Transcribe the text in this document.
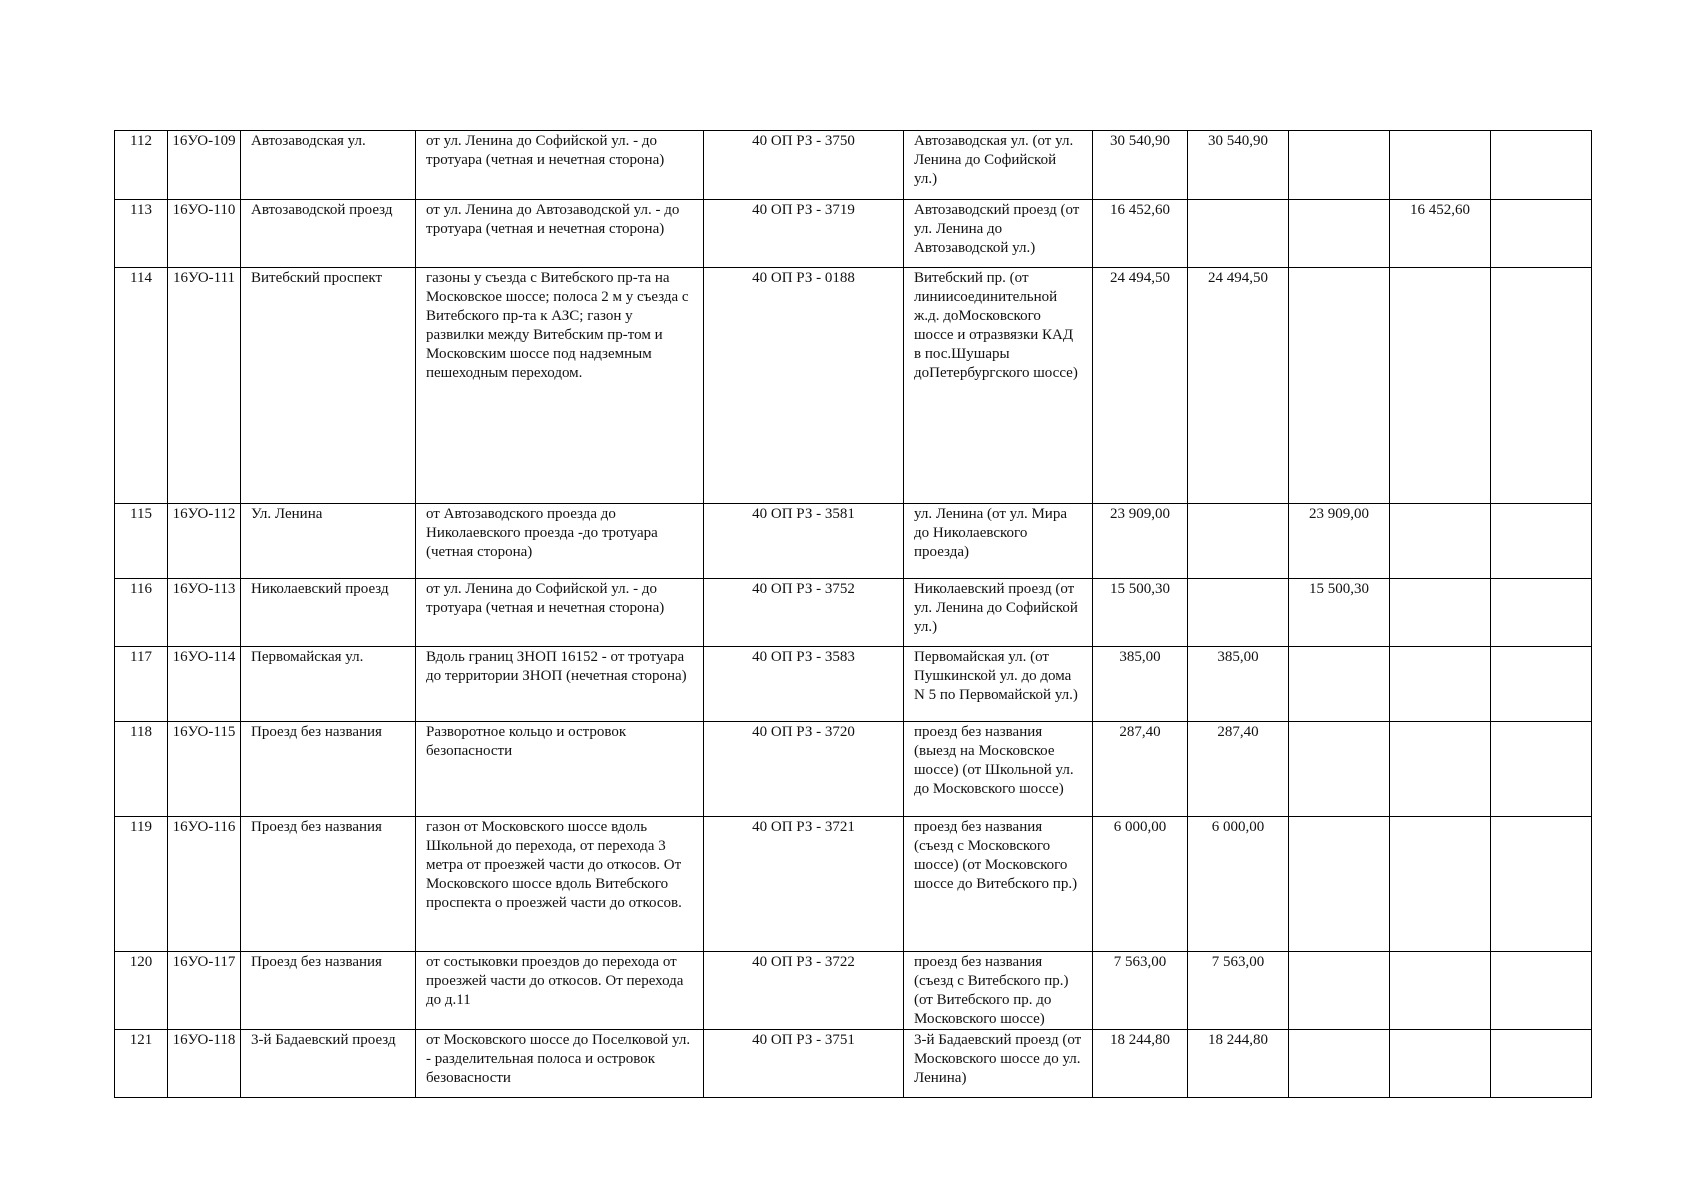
112	16УО-109	Автозаводская ул.	от ул. Ленина до Софийской ул. - до тротуара (четная и нечетная сторона)	40 ОП РЗ - 3750	Автозаводская ул. (от ул. Ленина до Софийской ул.)	30 540,90	30 540,90			
113	16УО-110	Автозаводской проезд	от ул. Ленина до Автозаводской ул. - до тротуара (четная и нечетная сторона)	40 ОП РЗ - 3719	Автозаводский проезд (от ул. Ленина до Автозаводской ул.)	16 452,60			16 452,60	
114	16УО-111	Витебский проспект	газоны у съезда с Витебского пр-та на Московское шоссе; полоса 2 м у съезда с Витебского пр-та к АЗС; газон у развилки между Витебским пр-том и Московским шоссе под надземным пешеходным переходом.	40 ОП РЗ - 0188	Витебский пр. (от линиисоединительной ж.д. доМосковского шоссе и отразвязки КАД в пос.Шушары доПетербургского шоссе)	24 494,50	24 494,50			
115	16УО-112	Ул. Ленина	от Автозаводского проезда до Николаевского проезда -до тротуара (четная сторона)	40 ОП РЗ - 3581	ул. Ленина (от ул. Мира до Николаевского проезда)	23 909,00		23 909,00		
116	16УО-113	Николаевский проезд	от ул. Ленина до Софийской ул. - до тротуара (четная и нечетная сторона)	40 ОП РЗ - 3752	Николаевский проезд (от ул. Ленина до Софийской ул.)	15 500,30		15 500,30		
117	16УО-114	Первомайская ул.	Вдоль границ ЗНОП 16152 - от тротуара до территории ЗНОП (нечетная сторона)	40 ОП РЗ - 3583	Первомайская ул. (от Пушкинской ул. до дома N 5 по Первомайской ул.)	385,00	385,00			
118	16УО-115	Проезд без названия	Разворотное кольцо и островок безопасности	40 ОП РЗ - 3720	проезд без названия (выезд на Московское шоссе) (от Школьной ул. до Московского шоссе)	287,40	287,40			
119	16УО-116	Проезд без названия	газон от Московского шоссе вдоль Школьной до перехода, от перехода 3 метра от проезжей части до откосов. От Московского шоссе вдоль Витебского проспекта о проезжей части до откосов.	40 ОП РЗ - 3721	проезд без названия (съезд с Московского шоссе) (от Московского шоссе до Витебского пр.)	6 000,00	6 000,00			
120	16УО-117	Проезд без названия	от состыковки проездов до перехода от проезжей части до откосов. От перехода до д.11	40 ОП РЗ - 3722	проезд без названия (съезд с Витебского пр.) (от Витебского пр. до Московского шоссе)	7 563,00	7 563,00			
121	16УО-118	3-й Бадаевский проезд	от Московского шоссе до Поселковой ул. - разделительная полоса и островок безовасности	40 ОП РЗ - 3751	3-й Бадаевский проезд (от Московского шоссе до ул. Ленина)	18 244,80	18 244,80			
